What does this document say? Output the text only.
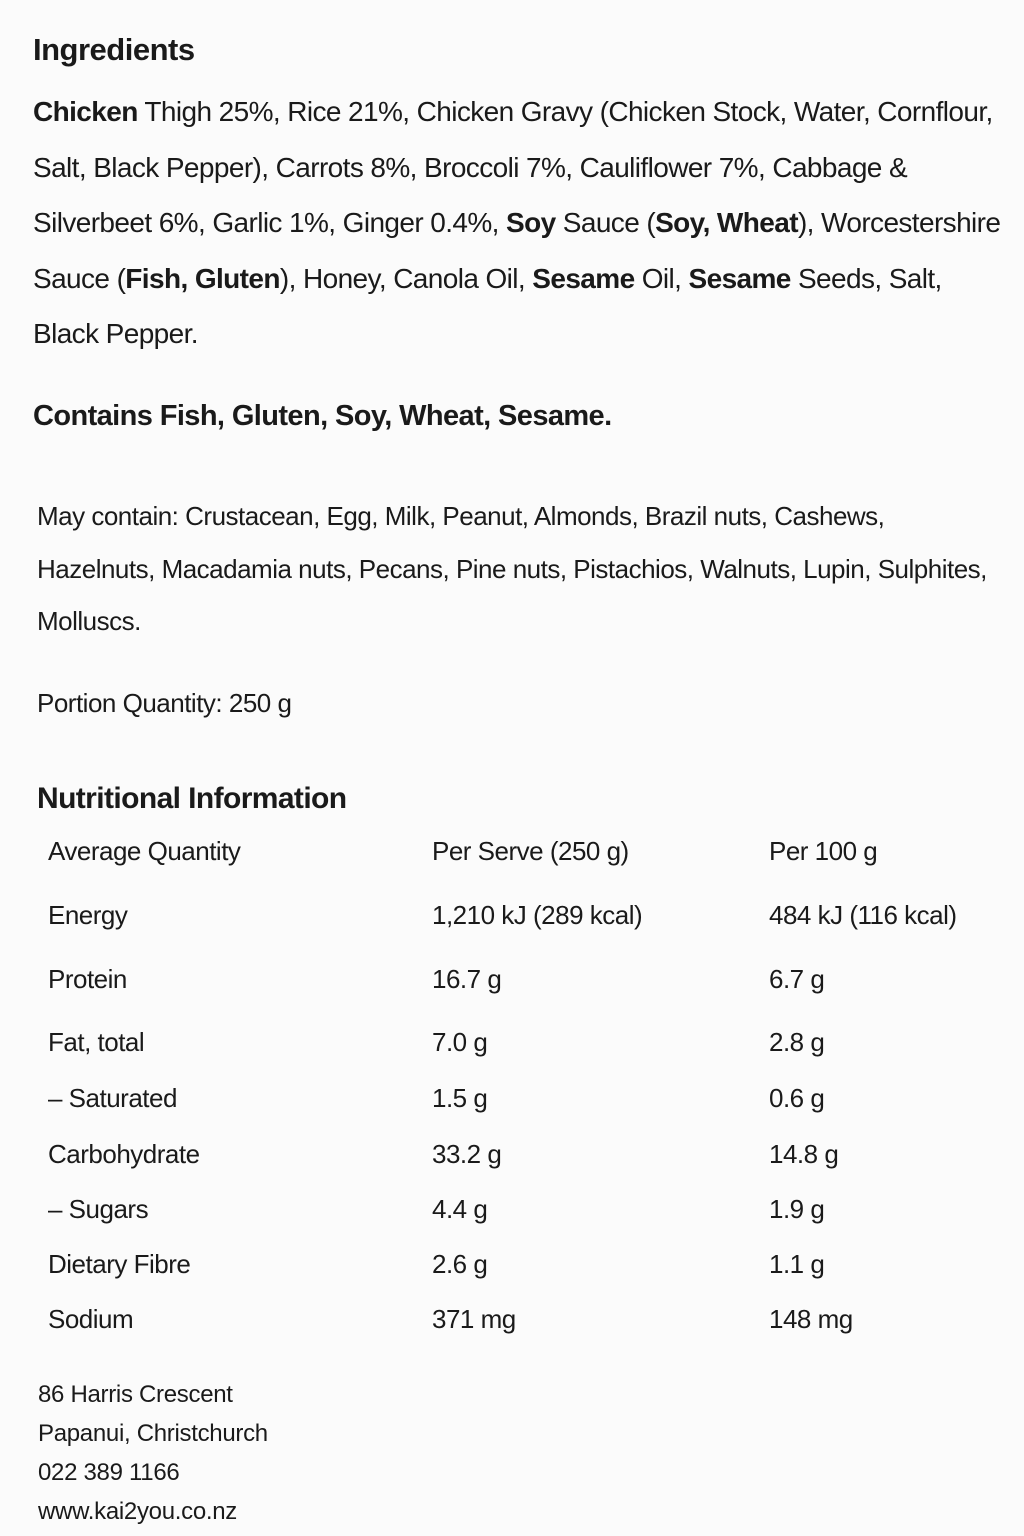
Ingredients

Chicken Thigh 25%, Rice 21%, Chicken Gravy (Chicken Stock, Water, Cornflour, Salt, Black Pepper), Carrots 8%, Broccoli 7%, Cauliflower 7%, Cabbage & Silverbeet 6%, Garlic 1%, Ginger 0.4%, Soy Sauce (Soy, Wheat), Worcestershire Sauce (Fish, Gluten), Honey, Canola Oil, Sesame Oil, Sesame Seeds, Salt, Black Pepper.

Contains Fish, Gluten, Soy, Wheat, Sesame.

May contain: Crustacean, Egg, Milk, Peanut, Almonds, Brazil nuts, Cashews, Hazelnuts, Macadamia nuts, Pecans, Pine nuts, Pistachios, Walnuts, Lupin, Sulphites, Molluscs.

Portion Quantity: 250 g

Nutritional Information
Average Quantity	Per Serve (250 g)	Per 100 g
Energy	1,210 kJ (289 kcal)	484 kJ (116 kcal)
Protein	16.7 g	6.7 g
Fat, total	7.0 g	2.8 g
– Saturated	1.5 g	0.6 g
Carbohydrate	33.2 g	14.8 g
– Sugars	4.4 g	1.9 g
Dietary Fibre	2.6 g	1.1 g
Sodium	371 mg	148 mg
86 Harris Crescent
Papanui, Christchurch
022 389 1166
www.kai2you.co.nz
